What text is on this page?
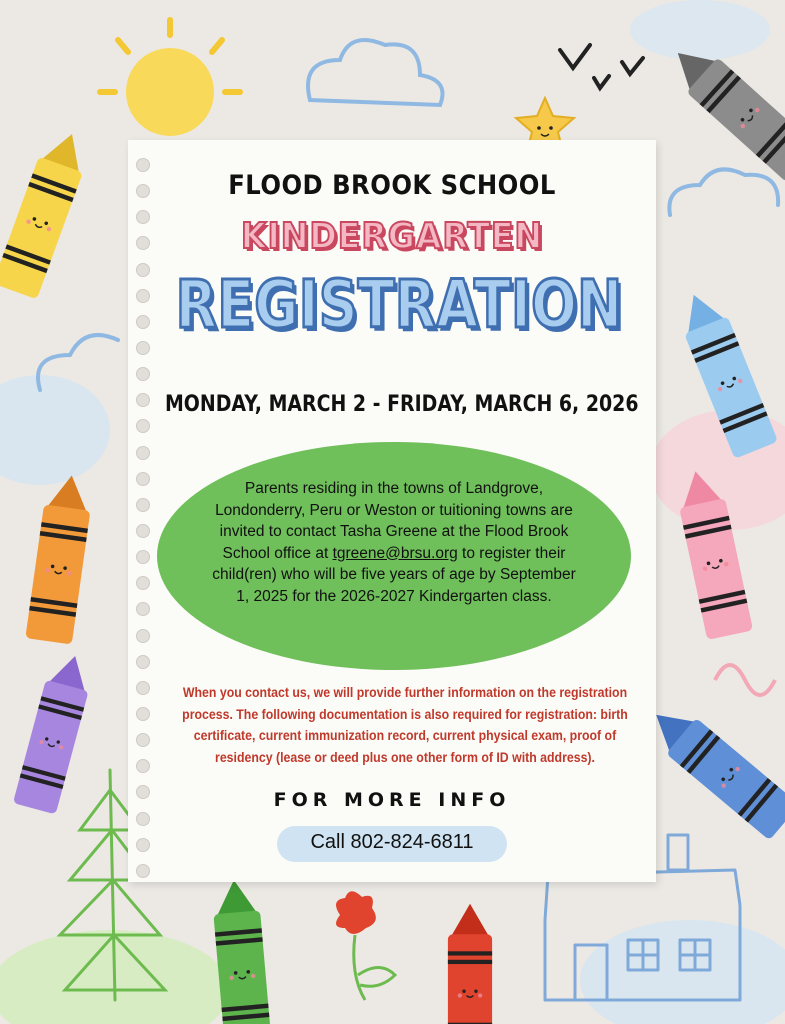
FLOOD BROOK SCHOOL
KINDERGARTEN
REGISTRATION
MONDAY, MARCH 2 - FRIDAY, MARCH 6, 2026
Parents residing in the towns of Landgrove, Londonderry, Peru or Weston or tuitioning towns are invited to contact Tasha Greene at the Flood Brook School office at tgreene@brsu.org to register their child(ren) who will be five years of age by September 1, 2025 for the 2026-2027 Kindergarten class.
When you contact us, we will provide further information on the registration process. The following documentation is also required for registration: birth certificate, current immunization record, current physical exam, proof of residency (lease or deed plus one other form of ID with address).
FOR MORE INFO
Call 802-824-6811
